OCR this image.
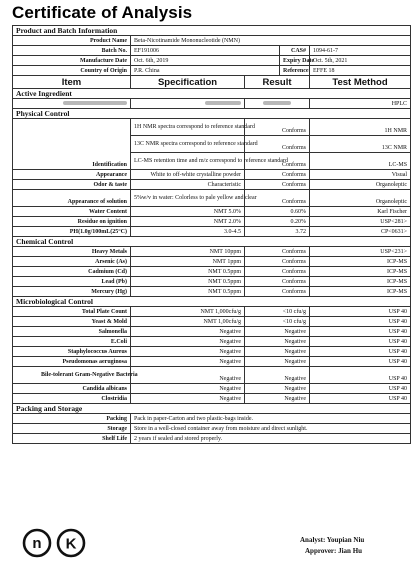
Certificate of Analysis
Product and Batch Information				
Product Name	Beta-Nicotinamide Mononucleotide (NMN)			
Batch No.	EF191006		CAS#	1094-61-7
Manufacture Date	Oct. 6th, 2019		Expiry Date	Oct. 5th, 2021
Country of Origin	P.R. China		Reference	EFFE 18
Item	Specification	Result		Test Method
Active Ingredient				
				HPLC
Physical Control				
Identification	1H NMR spectra correspond to reference standard	Conforms		1H NMR
	13C NMR spectra correspond to reference standard	Conforms		13C NMR
	LC-MS retention time and m/z correspond to reference standard	Conforms		LC-MS
Appearance	White to off-white crystalline powder	Conforms		Visual
Odor & taste	Characteristic	Conforms		Organoleptic
Appearance of solution	5%w/v in water: Colorless to pale yellow and clear	Conforms		Organoleptic
Water Content	NMT 5.0%	0.60%		Karl Fischer
Residue on ignition	NMT 2.0%	0.20%		USP<281>
PH(1.0g/100mL(25°C)	3.0-4.5	3.72		CP<0631>
Chemical Control				
Heavy Metals	NMT 10ppm	Conforms		USP<231>
Arsenic (As)	NMT 1ppm	Conforms		ICP-MS
Cadmium (Cd)	NMT 0.5ppm	Conforms		ICP-MS
Lead (Pb)	NMT 0.5ppm	Conforms		ICP-MS
Mercury (Hg)	NMT 0.5ppm	Conforms		ICP-MS
Microbiological Control				
Total Plate Count	NMT 1,000cfu/g	<10 cfu/g		USP 40
Yeast & Mold	NMT 1,00cfu/g	<10 cfu/g		USP 40
Salmonella	Negative	Negative		USP 40
E.Coli	Negative	Negative		USP 40
Staphylococcus Aureus	Negative	Negative		USP 40
Pseudomonas aeruginosa	Negative	Negative		USP 40
Bile-tolerant Gram-Negative Bacteria	Negative	Negative		USP 40
Candida albicans	Negative	Negative		USP 40
Clostridia	Negative	Negative		USP 40
Packing and Storage				
Packing	Pack in paper-Carton and two plastic-bags inside.			
Storage	Store in a well-closed container away from moisture and direct sunlight.			
Shelf Life	2 years if sealed and stored properly.			
n K	Analyst: Youpian Niu
Approver: Jian Hu
